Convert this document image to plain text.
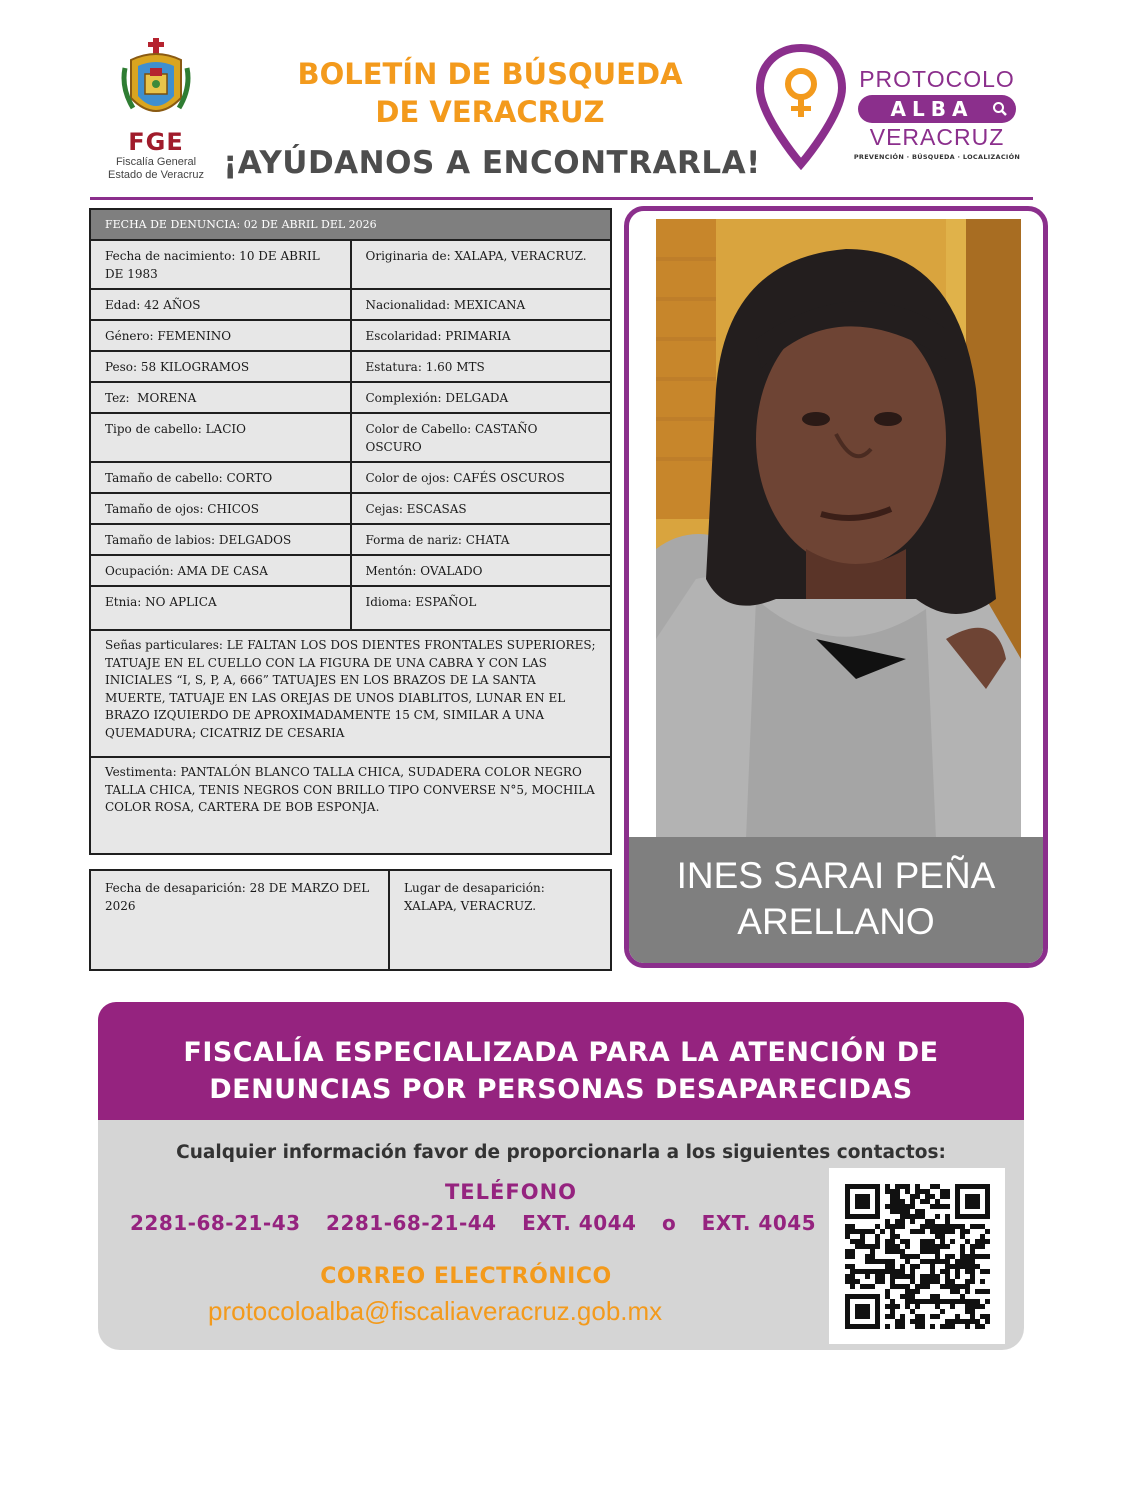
FGE
Fiscalía General
Estado de Veracruz
BOLETÍN DE BÚSQUEDA
DE VERACRUZ
¡AYÚDANOS A ENCONTRARLA!
PROTOCOLO
ALBA
VERACRUZ
PREVENCIÓN · BÚSQUEDA · LOCALIZACIÓN
FECHA DE DENUNCIA: 02 DE ABRIL DEL 2026	
Fecha de nacimiento: 10 DE ABRIL DE 1983	Originaria de: XALAPA, VERACRUZ.
Edad: 42 AÑOS	Nacionalidad: MEXICANA
Género: FEMENINO	Escolaridad: PRIMARIA
Peso: 58 KILOGRAMOS	Estatura: 1.60 MTS
Tez:  MORENA	Complexión: DELGADA
Tipo de cabello: LACIO	Color de Cabello: CASTAÑO OSCURO
Tamaño de cabello: CORTO	Color de ojos: CAFÉS OSCUROS
Tamaño de ojos: CHICOS	Cejas: ESCASAS
Tamaño de labios: DELGADOS	Forma de nariz: CHATA
Ocupación: AMA DE CASA	Mentón: OVALADO
Etnia: NO APLICA	Idioma: ESPAÑOL
Señas particulares: LE FALTAN LOS DOS DIENTES FRONTALES SUPERIORES; TATUAJE EN EL CUELLO CON LA FIGURA DE UNA CABRA Y CON LAS INICIALES “I, S, P, A, 666” TATUAJES EN LOS BRAZOS DE LA SANTA MUERTE, TATUAJE EN LAS OREJAS DE UNOS DIABLITOS, LUNAR EN EL BRAZO IZQUIERDO DE APROXIMADAMENTE 15 CM, SIMILAR A UNA QUEMADURA; CICATRIZ DE CESARIA	
Vestimenta: PANTALÓN BLANCO TALLA CHICA, SUDADERA COLOR NEGRO TALLA CHICA, TENIS NEGROS CON BRILLO TIPO CONVERSE N°5, MOCHILA COLOR ROSA, CARTERA DE BOB ESPONJA.	
Fecha de desaparición: 28 DE MARZO DEL 2026	Lugar de desaparición: XALAPA, VERACRUZ.
INES SARAI PEÑA
ARELLANO
FISCALÍA ESPECIALIZADA PARA LA ATENCIÓN DE
DENUNCIAS POR PERSONAS DESAPARECIDAS
Cualquier información favor de proporcionarla a los siguientes contactos:
TELÉFONO
2281-68-21-43 2281-68-21-44 EXT. 4044 o EXT. 4045
CORREO ELECTRÓNICO
protocoloalba@fiscaliaveracruz.gob.mx
